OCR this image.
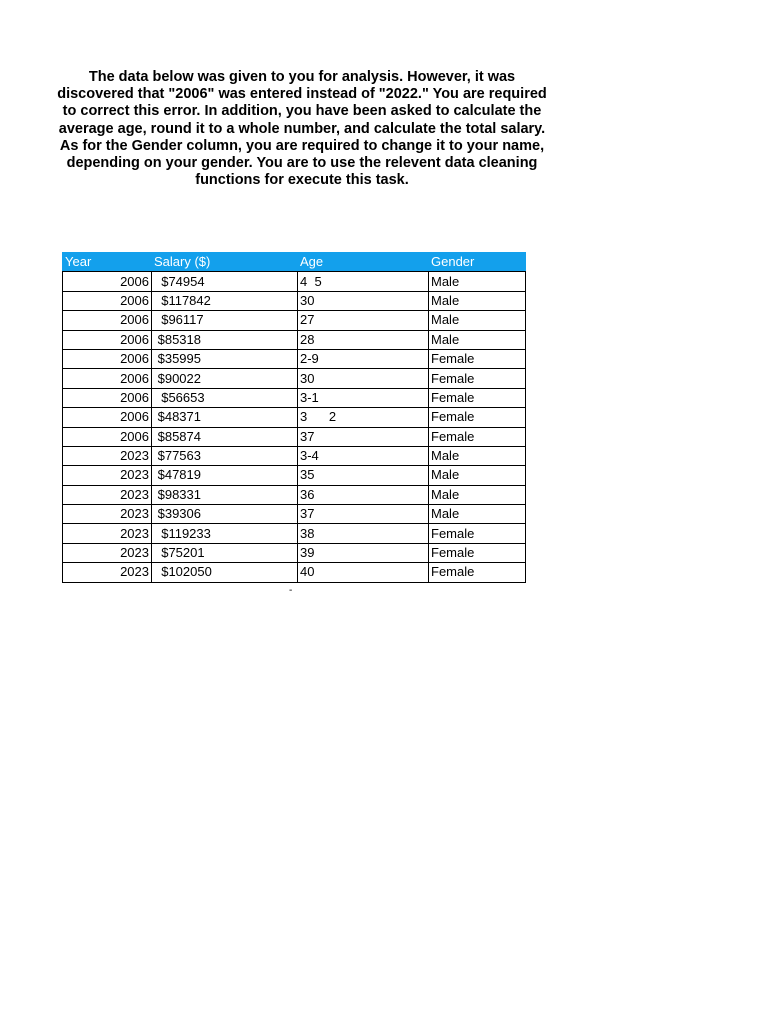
The data below was given to you for analysis. However, it was discovered that "2006" was entered instead of "2022." You are required to correct this error. In addition, you have been asked to calculate the average age, round it to a whole number, and calculate the total salary. As for the Gender column, you are required to change it to your name, depending on your gender. You are to use the relevent data cleaning functions for execute this task.

Year	Salary ($)	Age	Gender
2006	$74954	4  5	Male
2006	$117842	30	Male
2006	$96117	27	Male
2006	$85318	28	Male
2006	$35995	2-9	Female
2006	$90022	30	Female
2006	$56653	3-1	Female
2006	$48371	3      2	Female
2006	$85874	37	Female
2023	$77563	3-4	Male
2023	$47819	35	Male
2023	$98331	36	Male
2023	$39306	37	Male
2023	$119233	38	Female
2023	$75201	39	Female
2023	$102050	40	Female
-
